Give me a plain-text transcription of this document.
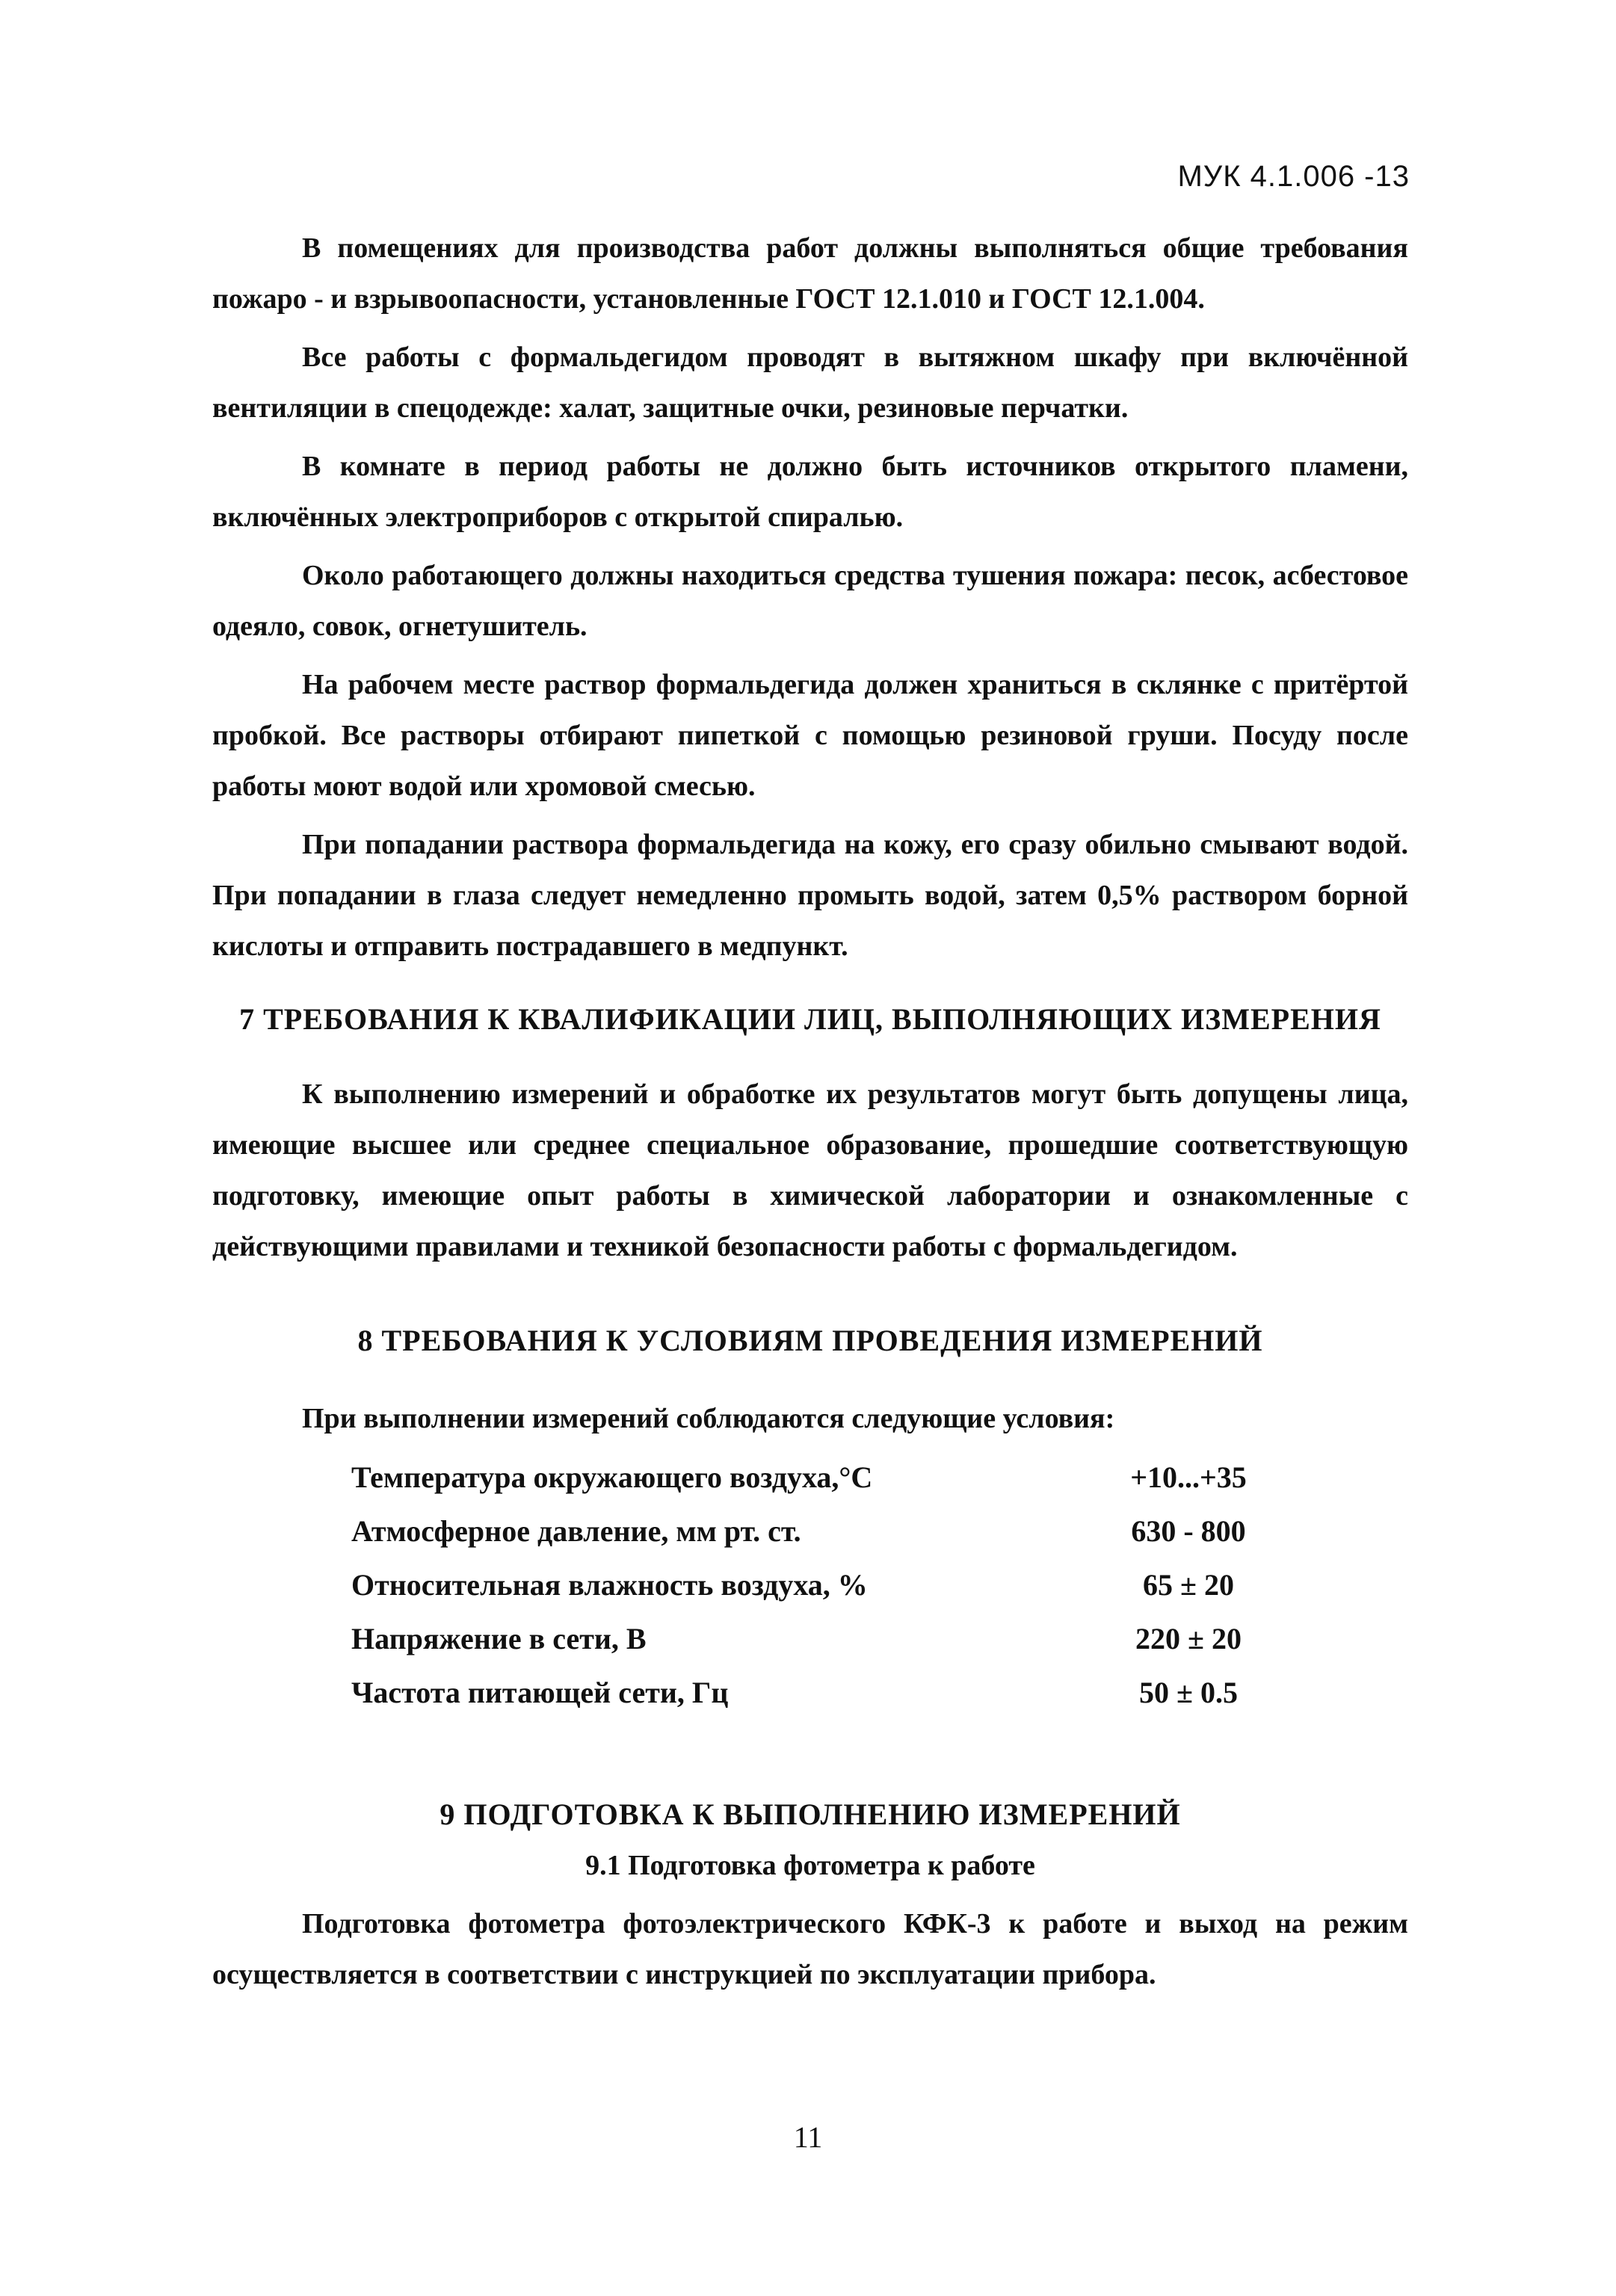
МУК 4.1.006 -13

В помещениях для производства работ должны выполняться общие требования пожаро - и взрывоопасности, установленные ГОСТ 12.1.010 и ГОСТ 12.1.004.

Все работы с формальдегидом проводят в вытяжном шкафу при включённой вентиляции в спецодежде: халат, защитные очки, резиновые перчатки.

В комнате в период работы не должно быть источников открытого пламени, включённых электроприборов с открытой спиралью.

Около работающего должны находиться средства тушения пожара: песок, асбестовое одеяло, совок, огнетушитель.

На рабочем месте раствор формальдегида должен храниться в склянке с притёртой пробкой. Все растворы отбирают пипеткой с помощью резиновой груши. Посуду после работы моют водой или хромовой смесью.

При попадании раствора формальдегида на кожу, его сразу обильно смывают водой. При попадании в глаза следует немедленно промыть водой, затем 0,5% раствором борной кислоты и отправить пострадавшего в медпункт.

7 ТРЕБОВАНИЯ К КВАЛИФИКАЦИИ ЛИЦ, ВЫПОЛНЯЮЩИХ ИЗМЕРЕНИЯ

К выполнению измерений и обработке их результатов могут быть допущены лица, имеющие высшее или среднее специальное образование, прошедшие соответствующую подготовку, имеющие опыт работы в химической лаборатории и ознакомленные с действующими правилами и техникой безопасности работы с формальдегидом.

8 ТРЕБОВАНИЯ К УСЛОВИЯМ ПРОВЕДЕНИЯ ИЗМЕРЕНИЙ
При выполнении измерений соблюдаются следующие условия:
Температура окружающего воздуха,°С	+10...+35
Атмосферное давление, мм рт. ст.	630 - 800
Относительная влажность воздуха, %	65 ± 20
Напряжение в сети, В	220 ± 20
Частота питающей сети, Гц	50 ± 0.5
9 ПОДГОТОВКА К ВЫПОЛНЕНИЮ ИЗМЕРЕНИЙ
9.1 Подготовка фотометра к работе

Подготовка фотометра фотоэлектрического КФК-3 к работе и выход на режим осуществляется в соответствии с инструкцией по эксплуатации прибора.

11
